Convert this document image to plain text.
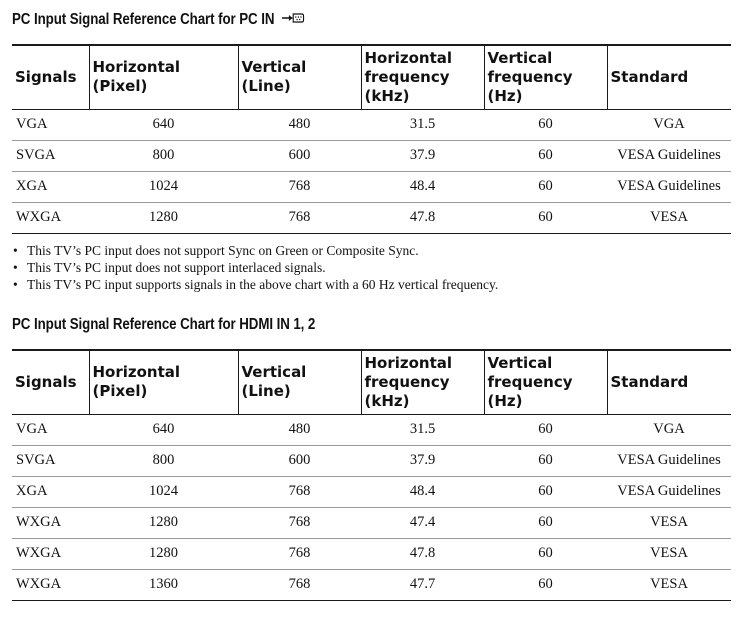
PC Input Signal Reference Chart for PC IN
Signals	Horizontal (Pixel)	Vertical (Line)	Horizontal frequency (kHz)	Vertical frequency (Hz)	Standard
VGA	640	480	31.5	60	VGA
SVGA	800	600	37.9	60	VESA Guidelines
XGA	1024	768	48.4	60	VESA Guidelines
WXGA	1280	768	47.8	60	VESA
• This TV’s PC input does not support Sync on Green or Composite Sync.
• This TV’s PC input does not support interlaced signals.
• This TV’s PC input supports signals in the above chart with a 60 Hz vertical frequency.
PC Input Signal Reference Chart for HDMI IN 1, 2
Signals	Horizontal (Pixel)	Vertical (Line)	Horizontal frequency (kHz)	Vertical frequency (Hz)	Standard
VGA	640	480	31.5	60	VGA
SVGA	800	600	37.9	60	VESA Guidelines
XGA	1024	768	48.4	60	VESA Guidelines
WXGA	1280	768	47.4	60	VESA
WXGA	1280	768	47.8	60	VESA
WXGA	1360	768	47.7	60	VESA
